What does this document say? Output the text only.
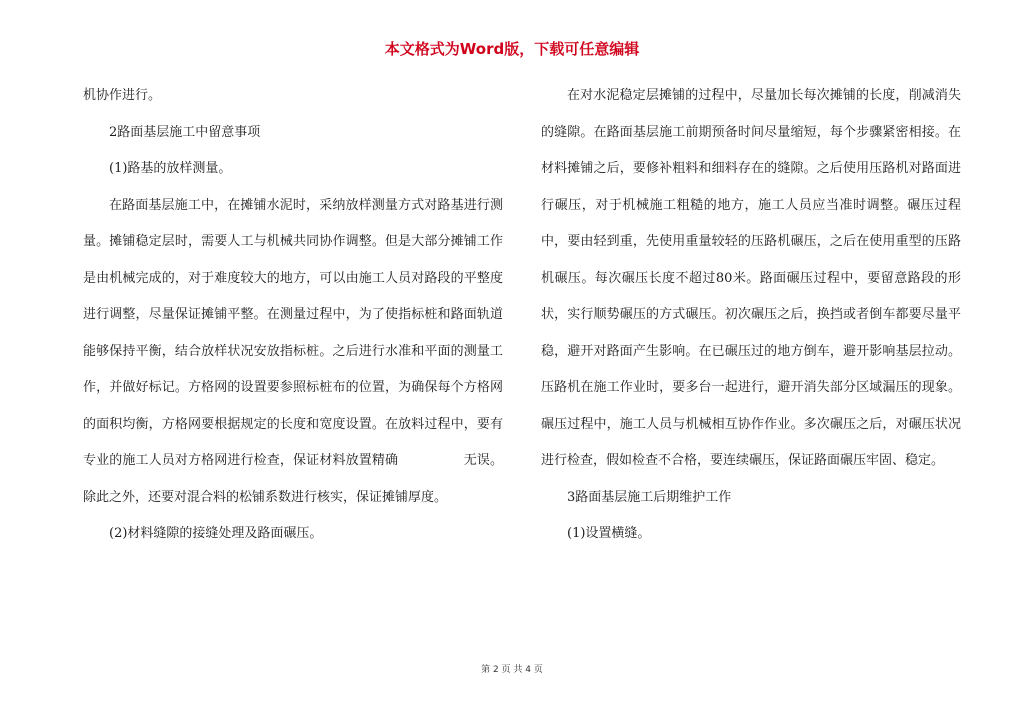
本文格式为Word版，下载可任意编辑

机协作进行。

2路面基层施工中留意事项

(1)路基的放样测量。

在路面基层施工中，在摊铺水泥时，采纳放样测量方式对路基进行测量。摊铺稳定层时，需要人工与机械共同协作调整。但是大部分摊铺工作是由机械完成的，对于难度较大的地方，可以由施工人员对路段的平整度进行调整，尽量保证摊铺平整。在测量过程中，为了使指标桩和路面轨道能够保持平衡，结合放样状况安放指标桩。之后进行水准和平面的测量工作，并做好标记。方格网的设置要参照标桩布的位置，为确保每个方格网的面积均衡，方格网要根据规定的长度和宽度设置。在放料过程中，要有专业的施工人员对方格网进行检查，保证材料放置精确　　　　　无误。除此之外，还要对混合料的松铺系数进行核实，保证摊铺厚度。

(2)材料缝隙的接缝处理及路面碾压。

在对水泥稳定层摊铺的过程中，尽量加长每次摊铺的长度，削减消失的缝隙。在路面基层施工前期预备时间尽量缩短，每个步骤紧密相接。在材料摊铺之后，要修补粗料和细料存在的缝隙。之后使用压路机对路面进行碾压，对于机械施工粗糙的地方，施工人员应当准时调整。碾压过程中，要由轻到重，先使用重量较轻的压路机碾压，之后在使用重型的压路机碾压。每次碾压长度不超过80米。路面碾压过程中，要留意路段的形状，实行顺势碾压的方式碾压。初次碾压之后，换挡或者倒车都要尽量平稳，避开对路面产生影响。在已碾压过的地方倒车，避开影响基层拉动。压路机在施工作业时，要多台一起进行，避开消失部分区域漏压的现象。碾压过程中，施工人员与机械相互协作作业。多次碾压之后，对碾压状况进行检查，假如检查不合格，要连续碾压，保证路面碾压牢固、稳定。

3路面基层施工后期维护工作

(1)设置横缝。

第 2 页 共 4 页
